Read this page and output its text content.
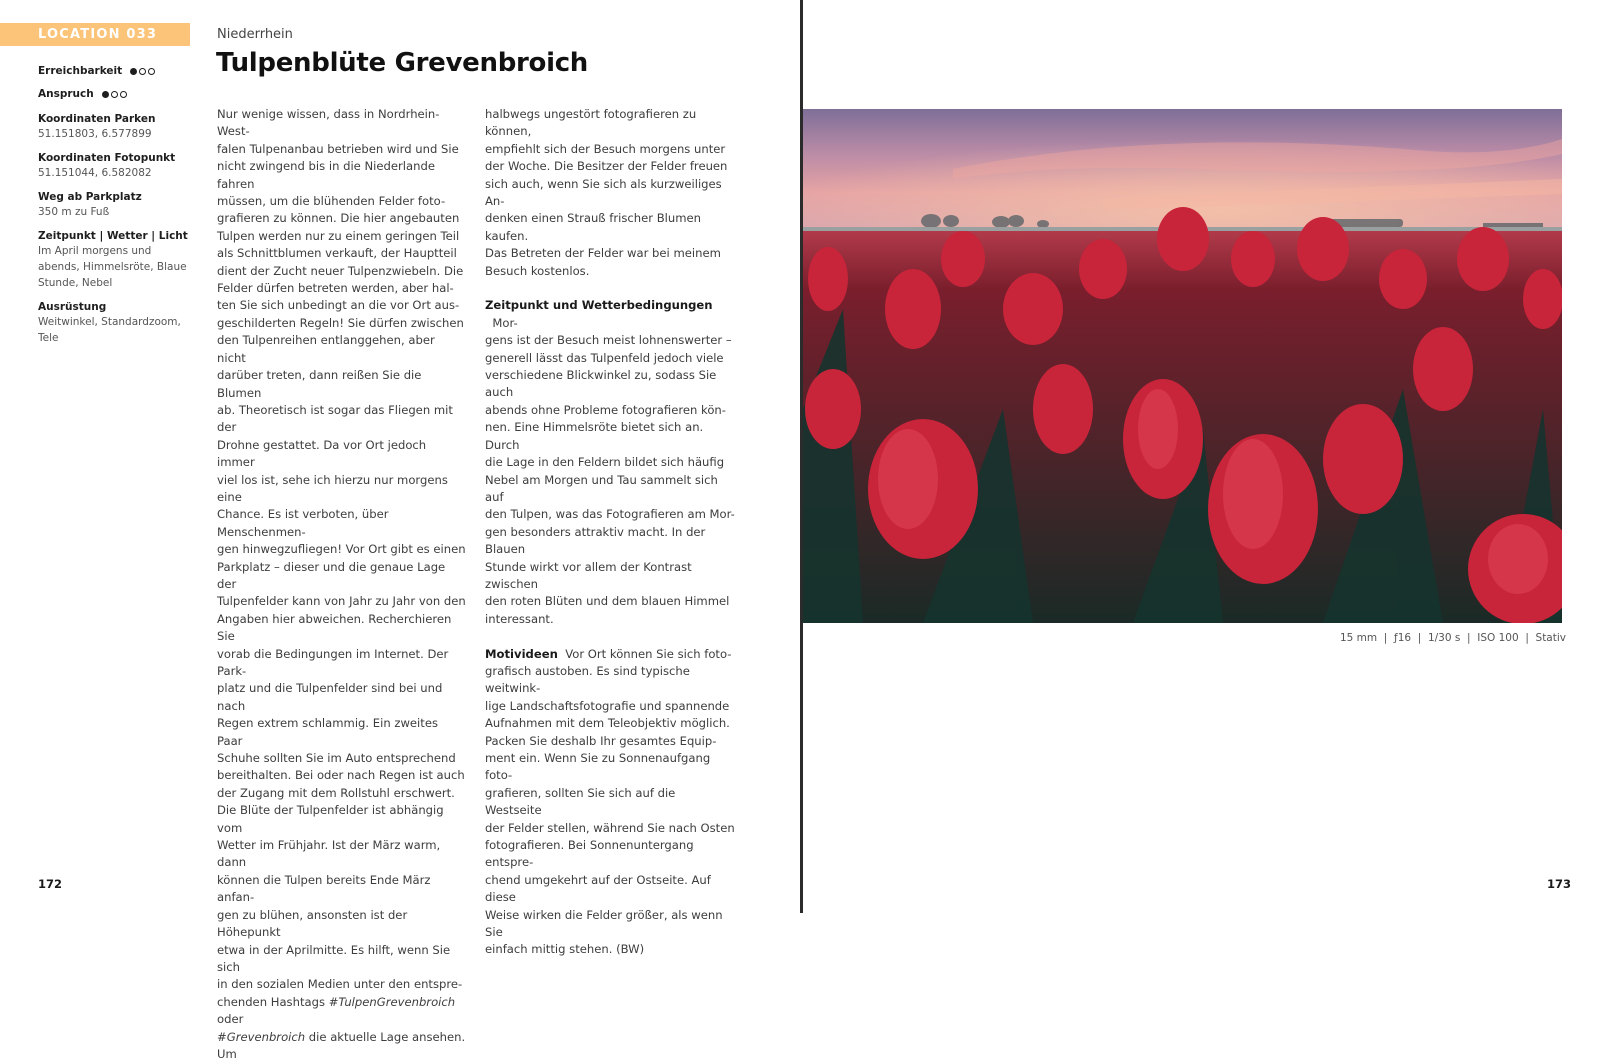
LOCATION 033
Erreichbarkeit
Anspruch
Koordinaten Parken
51.151803, 6.577899
Koordinaten Fotopunkt
51.151044, 6.582082
Weg ab Parkplatz
350 m zu Fuß
Zeitpunkt | Wetter | Licht
Im April morgens und
abends, Himmelsröte, Blaue
Stunde, Nebel
Ausrüstung
Weitwinkel, Standardzoom,
Tele
Niederrhein
Tulpenblüte Grevenbroich

Nur wenige wissen, dass in Nordrhein-West-

falen Tulpenanbau betrieben wird und Sie

nicht zwingend bis in die Niederlande fahren

müssen, um die blühenden Felder foto-

grafieren zu können. Die hier angebauten

Tulpen werden nur zu einem geringen Teil

als Schnittblumen verkauft, der Hauptteil

dient der Zucht neuer Tulpenzwiebeln. Die

Felder dürfen betreten werden, aber hal-

ten Sie sich unbedingt an die vor Ort aus-

geschilderten Regeln! Sie dürfen zwischen

den Tulpenreihen entlanggehen, aber nicht

darüber treten, dann reißen Sie die Blumen

ab. Theoretisch ist sogar das Fliegen mit der

Drohne gestattet. Da vor Ort jedoch immer

viel los ist, sehe ich hierzu nur morgens eine

Chance. Es ist verboten, über Menschenmen-

gen hinwegzufliegen! Vor Ort gibt es einen

Parkplatz – dieser und die genaue Lage der

Tulpenfelder kann von Jahr zu Jahr von den

Angaben hier abweichen. Recherchieren Sie

vorab die Bedingungen im Internet. Der Park-

platz und die Tulpenfelder sind bei und nach

Regen extrem schlammig. Ein zweites Paar

Schuhe sollten Sie im Auto entsprechend

bereithalten. Bei oder nach Regen ist auch

der Zugang mit dem Rollstuhl erschwert.

Die Blüte der Tulpenfelder ist abhängig vom

Wetter im Frühjahr. Ist der März warm, dann

können die Tulpen bereits Ende März anfan-

gen zu blühen, ansonsten ist der Höhepunkt

etwa in der Aprilmitte. Es hilft, wenn Sie sich

in den sozialen Medien unter den entspre-

chenden Hashtags #TulpenGrevenbroich oder

#Grevenbroich die aktuelle Lage ansehen. Um

halbwegs ungestört fotografieren zu können,

empfiehlt sich der Besuch morgens unter

der Woche. Die Besitzer der Felder freuen

sich auch, wenn Sie sich als kurzweiliges An-

denken einen Strauß frischer Blumen kaufen.

Das Betreten der Felder war bei meinem

Besuch kostenlos.

Zeitpunkt und Wetterbedingungen  Mor-

gens ist der Besuch meist lohnenswerter –

generell lässt das Tulpenfeld jedoch viele

verschiedene Blickwinkel zu, sodass Sie auch

abends ohne Probleme fotografieren kön-

nen. Eine Himmelsröte bietet sich an. Durch

die Lage in den Feldern bildet sich häufig

Nebel am Morgen und Tau sammelt sich auf

den Tulpen, was das Fotografieren am Mor-

gen besonders attraktiv macht. In der Blauen

Stunde wirkt vor allem der Kontrast zwischen

den roten Blüten und dem blauen Himmel

interessant.

Motivideen  Vor Ort können Sie sich foto-

grafisch austoben. Es sind typische weitwink-

lige Landschaftsfotografie und spannende

Aufnahmen mit dem Teleobjektiv möglich.

Packen Sie deshalb Ihr gesamtes Equip-

ment ein. Wenn Sie zu Sonnenaufgang foto-

grafieren, sollten Sie sich auf die Westseite

der Felder stellen, während Sie nach Osten

fotografieren. Bei Sonnenuntergang entspre-

chend umgekehrt auf der Ostseite. Auf diese

Weise wirken die Felder größer, als wenn Sie

einfach mittig stehen. (BW)

172
15 mm  |  ƒ16  |  1/30 s  |  ISO 100  |  Stativ
173
